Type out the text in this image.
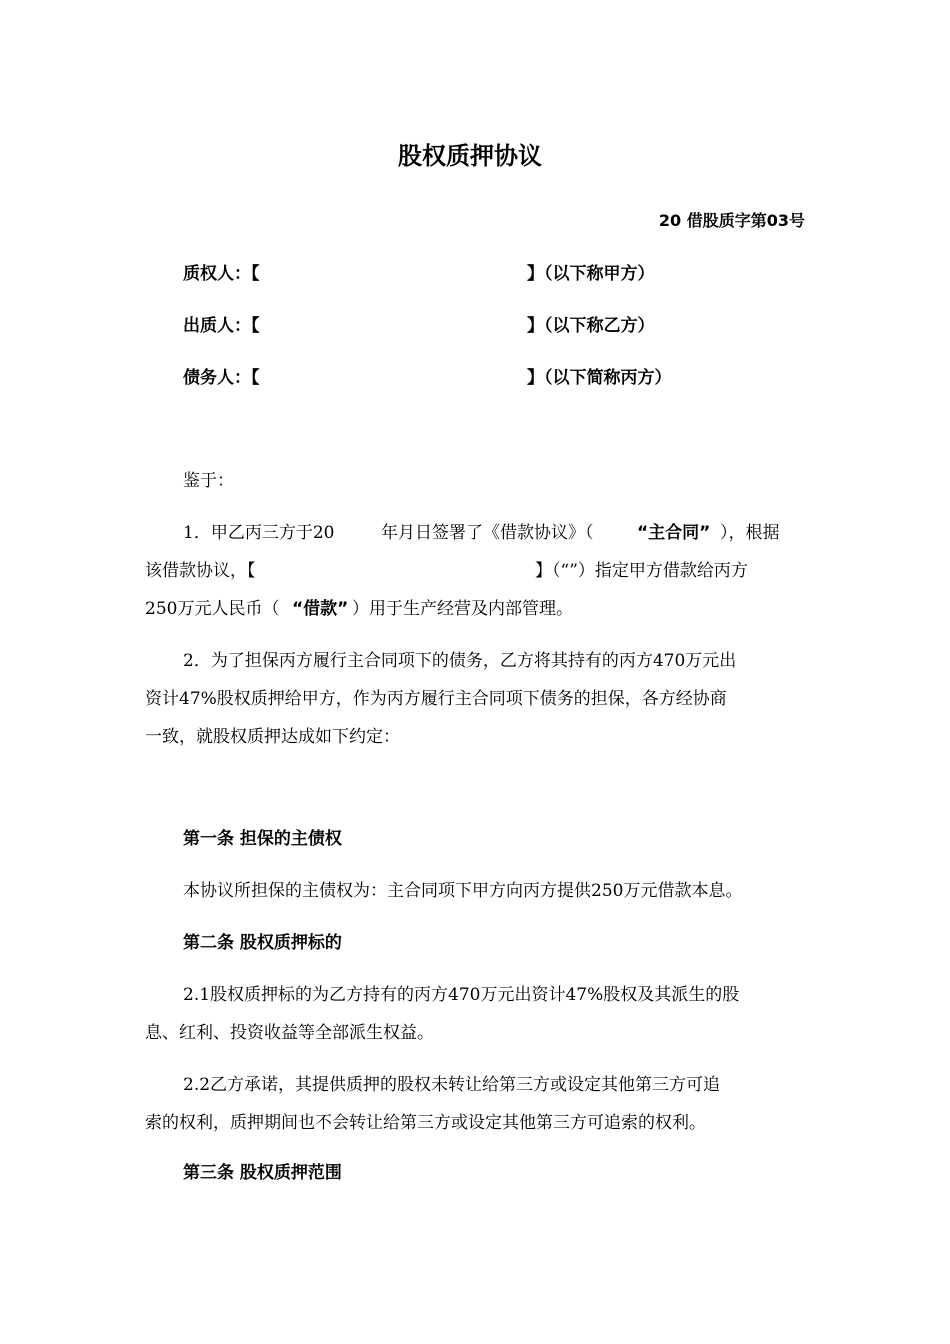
股权质押协议
20 借股质字第03号
质权人：【	】（以下称甲方）
出质人：【	】（以下称乙方）
债务人：【	】（以下简称丙方）
鉴于：
1．甲乙丙三方于20	年月日签署了《借款协议》（	“主合同” ），根据
该借款协议，【	】（“”）指定甲方借款给丙方
250万元人民币（ “借款” ）用于生产经营及内部管理。
2．为了担保丙方履行主合同项下的债务，乙方将其持有的丙方470万元出
资计47%股权质押给甲方，作为丙方履行主合同项下债务的担保，各方经协商
一致，就股权质押达成如下约定：
第一条 担保的主债权
本协议所担保的主债权为：主合同项下甲方向丙方提供250万元借款本息。
第二条 股权质押标的
2.1股权质押标的为乙方持有的丙方470万元出资计47%股权及其派生的股
息、红利、投资收益等全部派生权益。
2.2乙方承诺，其提供质押的股权未转让给第三方或设定其他第三方可追
索的权利，质押期间也不会转让给第三方或设定其他第三方可追索的权利。
第三条 股权质押范围
